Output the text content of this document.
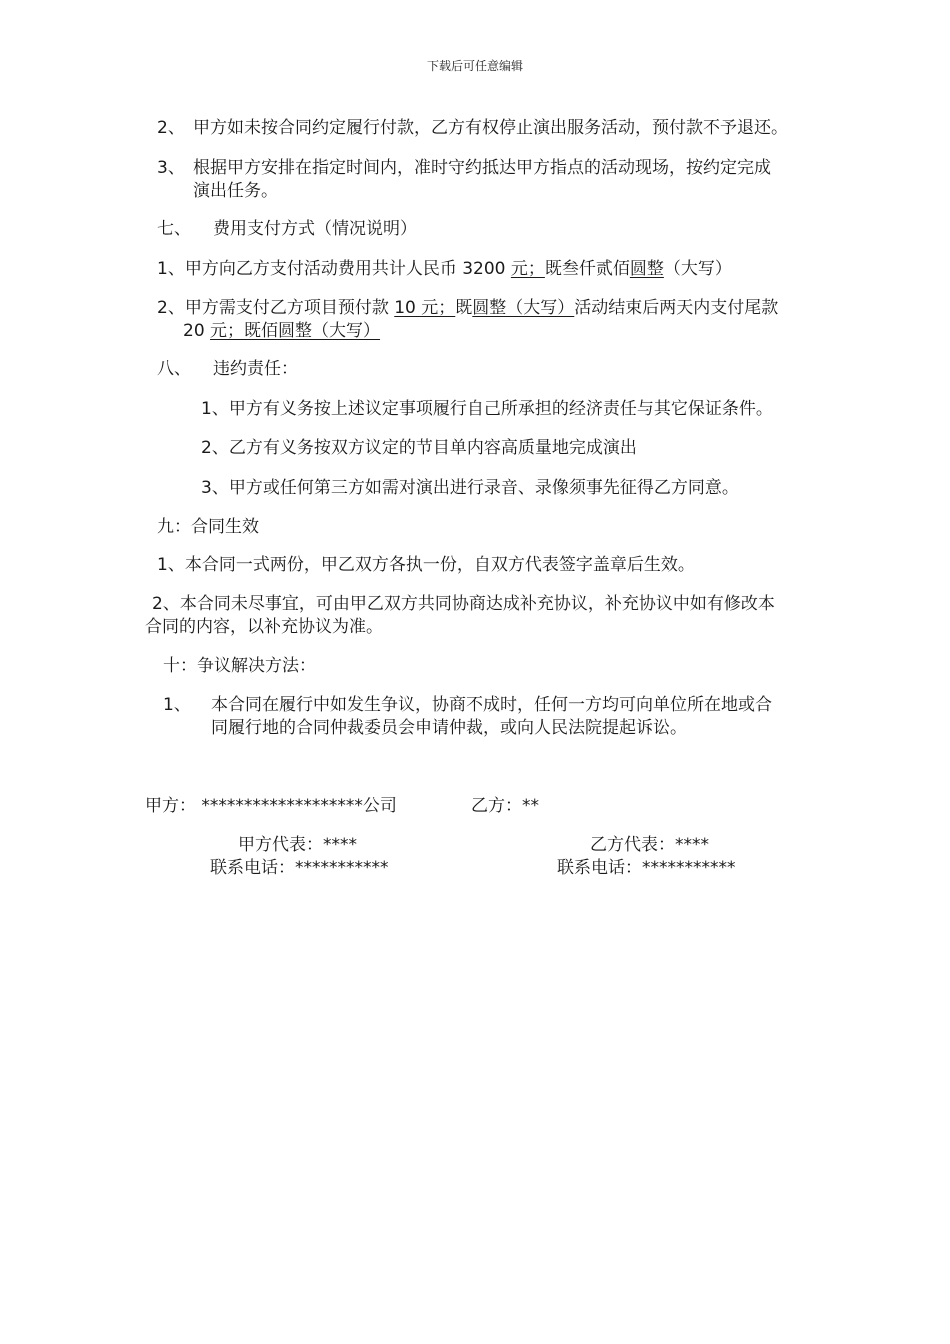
下载后可任意编辑
2、 甲方如未按合同约定履行付款，乙方有权停止演出服务活动，预付款不予退还。
3、 根据甲方安排在指定时间内，准时守约抵达甲方指点的活动现场，按约定完成
演出任务。
七、 费用支付方式（情况说明）
1、甲方向乙方支付活动费用共计人民币 3200 元；既叁仟贰佰圆整（大写）
2、甲方需支付乙方项目预付款 10 元；既圆整（大写）活动结束后两天内支付尾款
20 元；既佰圆整（大写）
八、 违约责任：
1、甲方有义务按上述议定事项履行自己所承担的经济责任与其它保证条件。
2、乙方有义务按双方议定的节目单内容高质量地完成演出
3、甲方或任何第三方如需对演出进行录音、录像须事先征得乙方同意。
九：合同生效
1、本合同一式两份，甲乙双方各执一份，自双方代表签字盖章后生效。
2、本合同未尽事宜，可由甲乙双方共同协商达成补充协议，补充协议中如有修改本
合同的内容，以补充协议为准。
十：争议解决方法：
1、 本合同在履行中如发生争议，协商不成时，任何一方均可向单位所在地或合
同履行地的合同仲裁委员会申请仲裁，或向人民法院提起诉讼。
甲方： *******************公司	乙方：**
甲方代表：****	乙方代表：****
联系电话：***********	联系电话：***********
